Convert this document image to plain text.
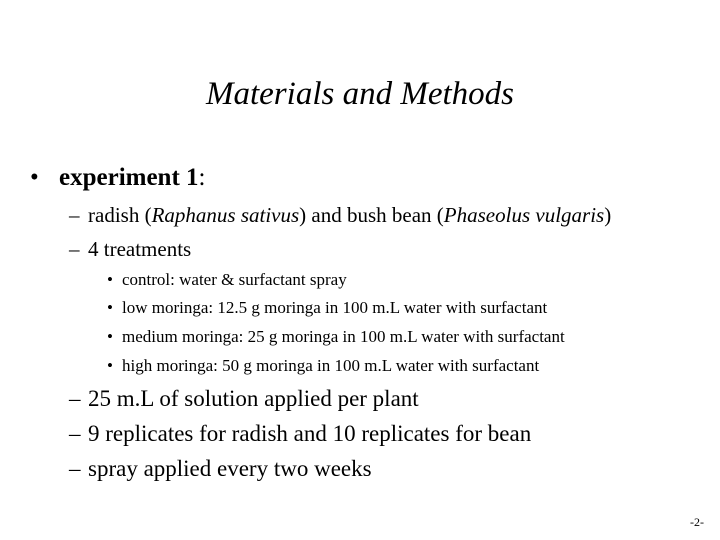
Materials and Methods
• experiment 1:
– radish (Raphanus sativus) and bush bean (Phaseolus vulgaris)
– 4 treatments
• control: water & surfactant spray
• low moringa: 12.5 g moringa in 100 m.L water with surfactant
• medium moringa: 25 g moringa in 100 m.L water with surfactant
• high moringa: 50 g moringa in 100 m.L water with surfactant
– 25 m.L of solution applied per plant
– 9 replicates for radish and 10 replicates for bean
– spray applied every two weeks
-2-
